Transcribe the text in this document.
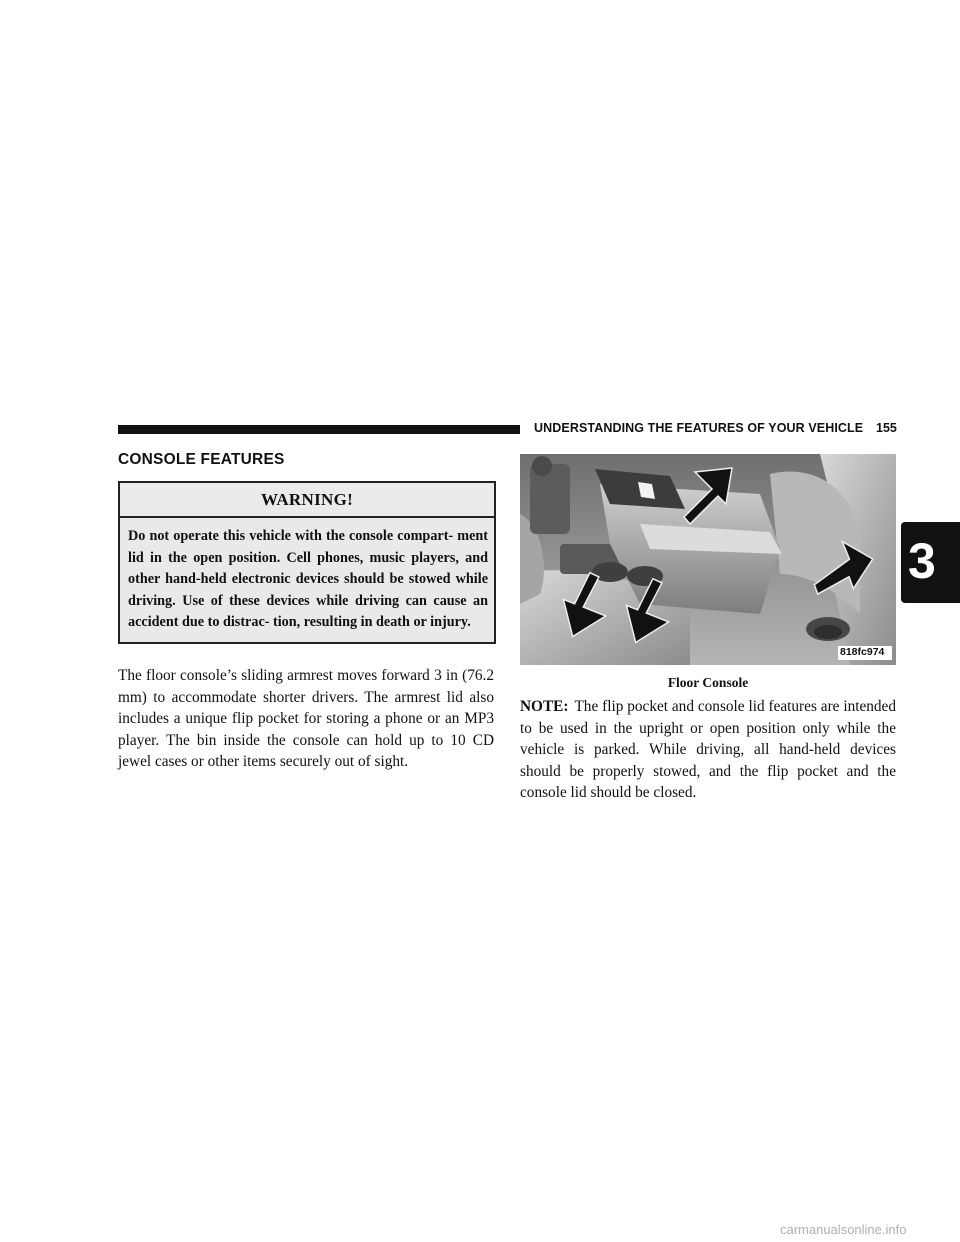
UNDERSTANDING THE FEATURES OF YOUR VEHICLE 155
CONSOLE FEATURES
WARNING!
Do not operate this vehicle with the console compart- ment lid in the open position. Cell phones, music players, and other hand-held electronic devices should be stowed while driving. Use of these devices while driving can cause an accident due to distrac- tion, resulting in death or injury.
The floor console’s sliding armrest moves forward 3 in (76.2 mm) to accommodate shorter drivers. The armrest lid also includes a unique flip pocket for storing a phone or an MP3 player. The bin inside the console can hold up to 10 CD jewel cases or other items securely out of sight.
818fc974
Floor Console
NOTE: The flip pocket and console lid features are intended to be used in the upright or open position only while the vehicle is parked. While driving, all hand-held devices should be properly stowed, and the flip pocket and the console lid should be closed.
3
carmanualsonline.info
